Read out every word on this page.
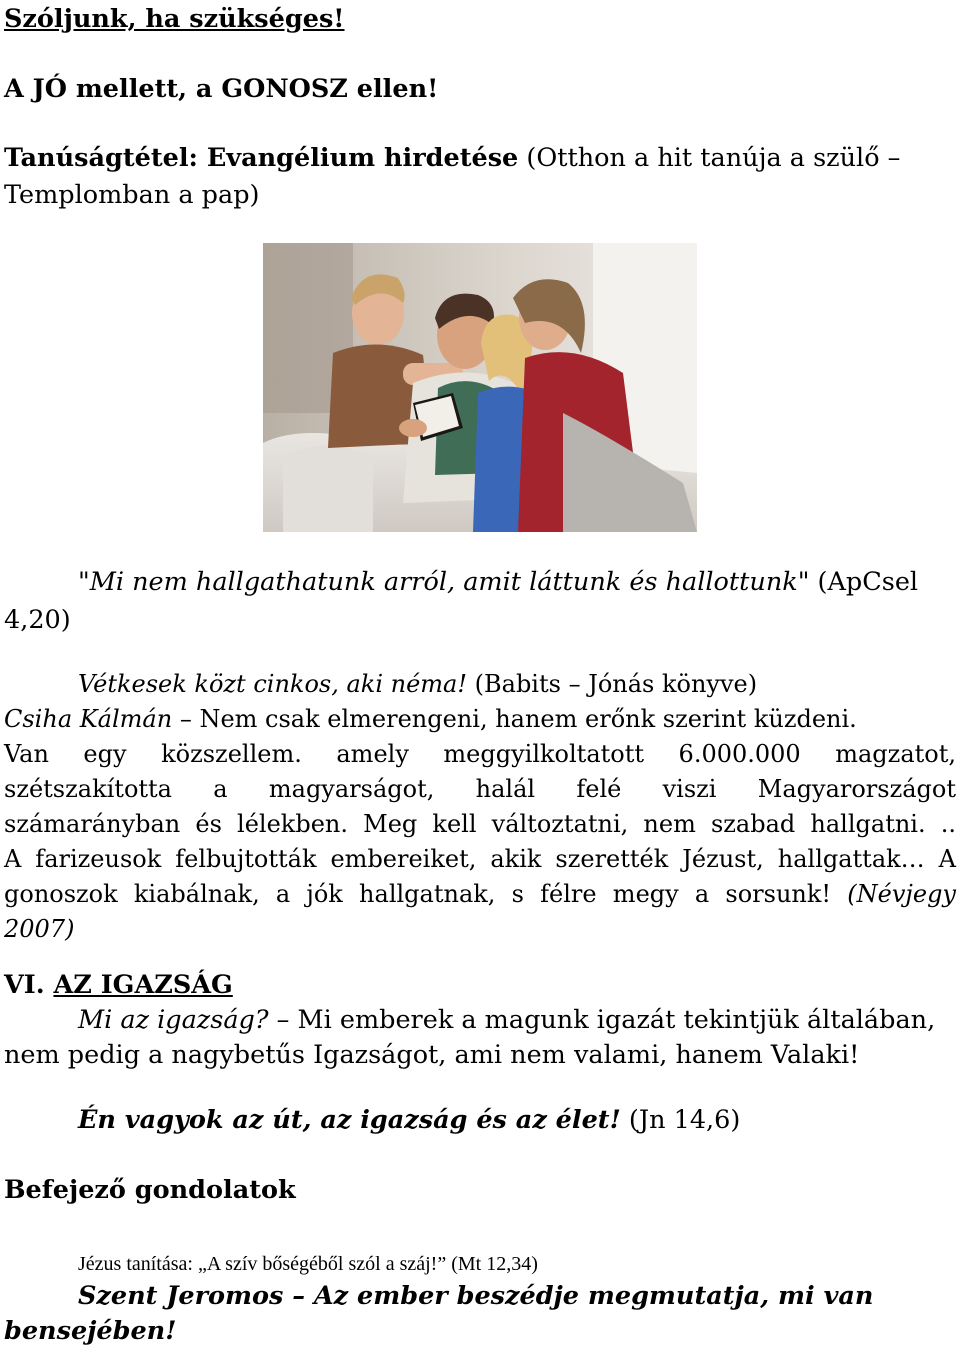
Szóljunk, ha szükséges!
A JÓ mellett, a GONOSZ ellen!
Tanúságtétel: Evangélium hirdetése (Otthon a hit tanúja a szülő –
Templomban a pap)
"Mi nem hallgathatunk arról, amit láttunk és hallottunk" (ApCsel
4,20)
Vétkesek közt cinkos, aki néma! (Babits – Jónás könyve)
Csiha Kálmán – Nem csak elmerengeni, hanem erőnk szerint küzdeni.
Van egy közszellem. amely meggyilkoltatott 6.000.000 magzatot,
szétszakította a magyarságot, halál felé viszi Magyarországot
számarányban és lélekben. Meg kell változtatni, nem szabad hallgatni. ..
A farizeusok felbujtották embereiket, akik szerették Jézust, hallgattak… A
gonoszok kiabálnak, a jók hallgatnak, s félre megy a sorsunk! (Névjegy
2007)
VI. AZ IGAZSÁG
Mi az igazság? – Mi emberek a magunk igazát tekintjük általában,
nem pedig a nagybetűs Igazságot, ami nem valami, hanem Valaki!
Én vagyok az út, az igazság és az élet! (Jn 14,6)
Befejező gondolatok
Jézus tanítása: „A szív bőségéből szól a száj!” (Mt 12,34)
Szent Jeromos – Az ember beszédje megmutatja, mi van
bensejében!
